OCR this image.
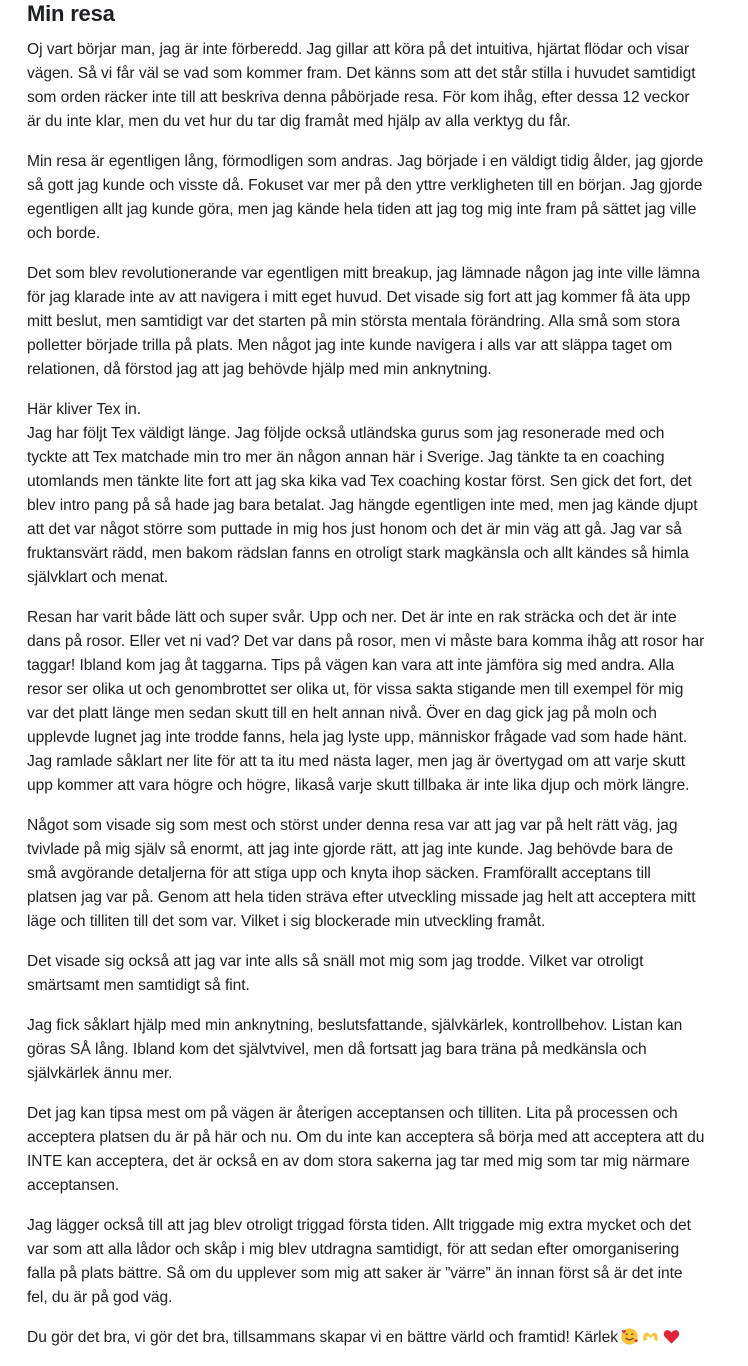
Min resa
Oj vart börjar man, jag är inte förberedd. Jag gillar att köra på det intuitiva, hjärtat flödar och visar
vägen. Så vi får väl se vad som kommer fram. Det känns som att det står stilla i huvudet samtidigt
som orden räcker inte till att beskriva denna påbörjade resa. För kom ihåg, efter dessa 12 veckor
är du inte klar, men du vet hur du tar dig framåt med hjälp av alla verktyg du får.
Min resa är egentligen lång, förmodligen som andras. Jag började i en väldigt tidig ålder, jag gjorde
så gott jag kunde och visste då. Fokuset var mer på den yttre verkligheten till en början. Jag gjorde
egentligen allt jag kunde göra, men jag kände hela tiden att jag tog mig inte fram på sättet jag ville
och borde.
Det som blev revolutionerande var egentligen mitt breakup, jag lämnade någon jag inte ville lämna
för jag klarade inte av att navigera i mitt eget huvud. Det visade sig fort att jag kommer få äta upp
mitt beslut, men samtidigt var det starten på min största mentala förändring. Alla små som stora
polletter började trilla på plats. Men något jag inte kunde navigera i alls var att släppa taget om
relationen, då förstod jag att jag behövde hjälp med min anknytning.
Här kliver Tex in.
Jag har följt Tex väldigt länge. Jag följde också utländska gurus som jag resonerade med och
tyckte att Tex matchade min tro mer än någon annan här i Sverige. Jag tänkte ta en coaching
utomlands men tänkte lite fort att jag ska kika vad Tex coaching kostar först. Sen gick det fort, det
blev intro pang på så hade jag bara betalat. Jag hängde egentligen inte med, men jag kände djupt
att det var något större som puttade in mig hos just honom och det är min väg att gå. Jag var så
fruktansvärt rädd, men bakom rädslan fanns en otroligt stark magkänsla och allt kändes så himla
självklart och menat.
Resan har varit både lätt och super svår. Upp och ner. Det är inte en rak sträcka och det är inte
dans på rosor. Eller vet ni vad? Det var dans på rosor, men vi måste bara komma ihåg att rosor har
taggar! Ibland kom jag åt taggarna. Tips på vägen kan vara att inte jämföra sig med andra. Alla
resor ser olika ut och genombrottet ser olika ut, för vissa sakta stigande men till exempel för mig
var det platt länge men sedan skutt till en helt annan nivå. Över en dag gick jag på moln och
upplevde lugnet jag inte trodde fanns, hela jag lyste upp, människor frågade vad som hade hänt.
Jag ramlade såklart ner lite för att ta itu med nästa lager, men jag är övertygad om att varje skutt
upp kommer att vara högre och högre, likaså varje skutt tillbaka är inte lika djup och mörk längre.
Något som visade sig som mest och störst under denna resa var att jag var på helt rätt väg, jag
tvivlade på mig själv så enormt, att jag inte gjorde rätt, att jag inte kunde. Jag behövde bara de
små avgörande detaljerna för att stiga upp och knyta ihop säcken. Framförallt acceptans till
platsen jag var på. Genom att hela tiden sträva efter utveckling missade jag helt att acceptera mitt
läge och tilliten till det som var. Vilket i sig blockerade min utveckling framåt.
Det visade sig också att jag var inte alls så snäll mot mig som jag trodde. Vilket var otroligt
smärtsamt men samtidigt så fint.
Jag fick såklart hjälp med min anknytning, beslutsfattande, självkärlek, kontrollbehov. Listan kan
göras SÅ lång. Ibland kom det självtvivel, men då fortsatt jag bara träna på medkänsla och
självkärlek ännu mer.
Det jag kan tipsa mest om på vägen är återigen acceptansen och tilliten. Lita på processen och
acceptera platsen du är på här och nu. Om du inte kan acceptera så börja med att acceptera att du
INTE kan acceptera, det är också en av dom stora sakerna jag tar med mig som tar mig närmare
acceptansen.
Jag lägger också till att jag blev otroligt triggad första tiden. Allt triggade mig extra mycket och det
var som att alla lådor och skåp i mig blev utdragna samtidigt, för att sedan efter omorganisering
falla på plats bättre. Så om du upplever som mig att saker är ”värre” än innan först så är det inte
fel, du är på god väg.
Du gör det bra, vi gör det bra, tillsammans skapar vi en bättre värld och framtid! Kärlek
